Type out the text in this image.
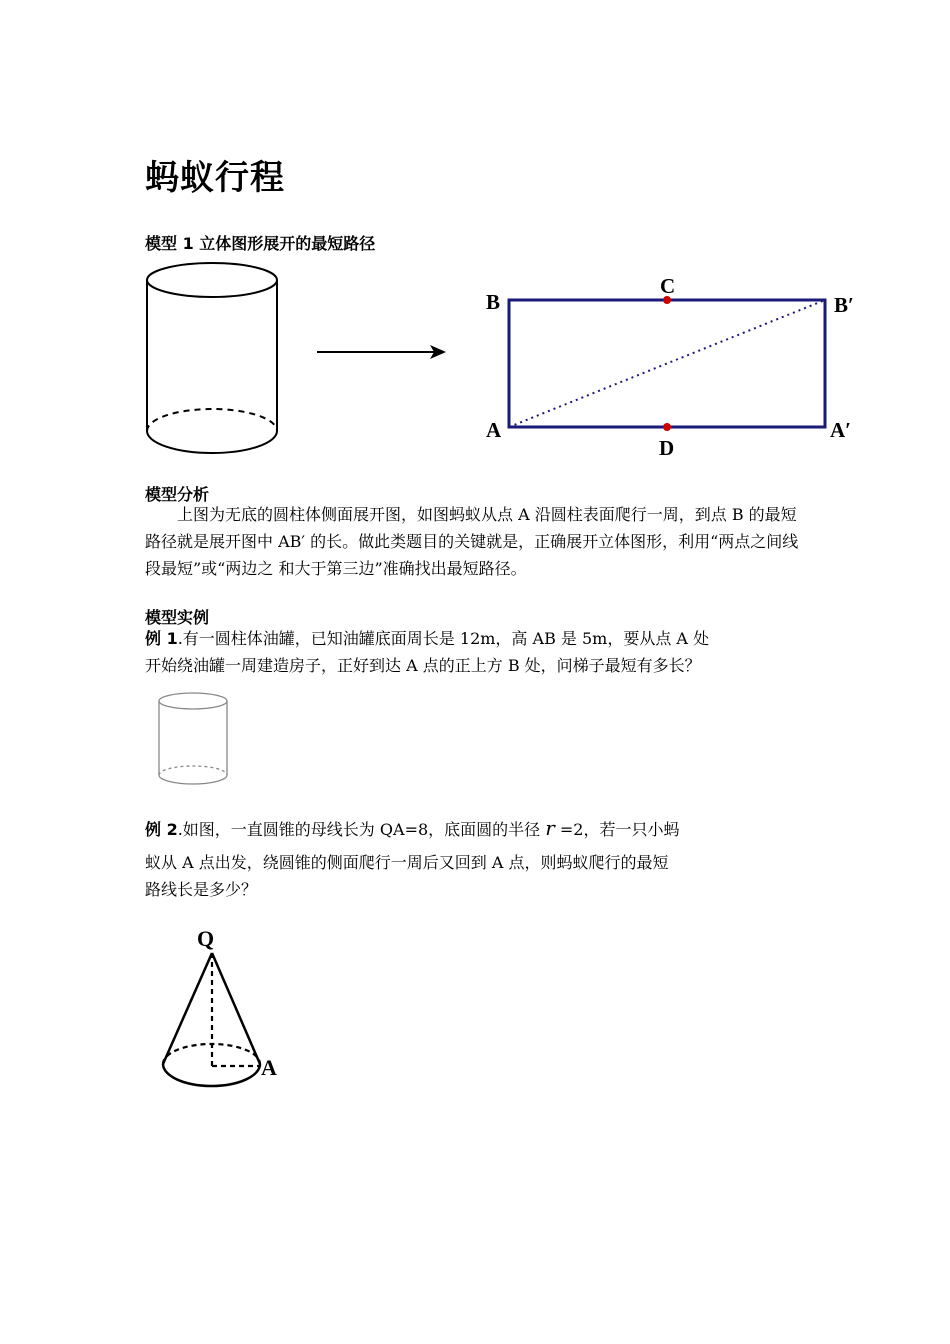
蚂蚁行程
模型 1 立体图形展开的最短路径
B
C
B′
A
D
A′
模型分析
上图为无底的圆柱体侧面展开图，如图蚂蚁从点 A 沿圆柱表面爬行一周，到点 B 的最短路径就是展开图中 AB′ 的长。做此类题目的关键就是，正确展开立体图形，利用“两点之间线段最短”或“两边之 和大于第三边”准确找出最短路径。
模型实例
例 1.有一圆柱体油罐，已知油罐底面周长是 12m，高 AB 是 5m，要从点 A 处
开始绕油罐一周建造房子，正好到达 A 点的正上方 B 处，问梯子最短有多长？
例 2.如图，一直圆锥的母线长为 QA=8，底面圆的半径 r =2，若一只小蚂
蚁从 A 点出发，绕圆锥的侧面爬行一周后又回到 A 点，则蚂蚁爬行的最短
路线长是多少？
Q
A
